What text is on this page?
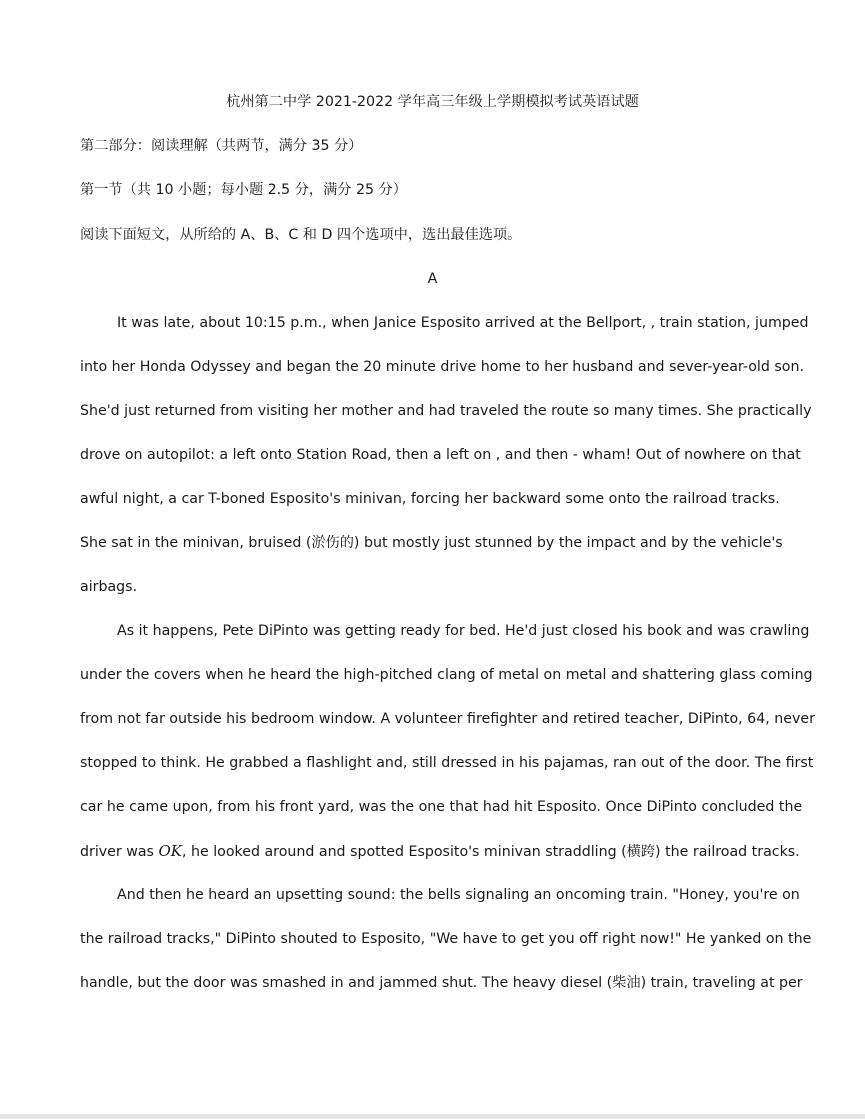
杭州第二中学 2021-2022 学年高三年级上学期模拟考试英语试题
第二部分：阅读理解（共两节，满分 35 分）
第一节（共 10 小题；每小题 2.5 分，满分 25 分）
阅读下面短文，从所给的 A、B、C 和 D 四个选项中，选出最佳选项。
A
It was late, about 10:15 p.m., when Janice Esposito arrived at the Bellport, , train station, jumped
into her Honda Odyssey and began the 20 minute drive home to her husband and sever-year-old son.
She'd just returned from visiting her mother and had traveled the route so many times. She practically
drove on autopilot: a left onto Station Road, then a left on , and then - wham! Out of nowhere on that
awful night, a car T-boned Esposito's minivan, forcing her backward some onto the railroad tracks.
She sat in the minivan, bruised (淤伤的) but mostly just stunned by the impact and by the vehicle's
airbags.
As it happens, Pete DiPinto was getting ready for bed. He'd just closed his book and was crawling
under the covers when he heard the high-pitched clang of metal on metal and shattering glass coming
from not far outside his bedroom window. A volunteer firefighter and retired teacher, DiPinto, 64, never
stopped to think. He grabbed a flashlight and, still dressed in his pajamas, ran out of the door. The first
car he came upon, from his front yard, was the one that had hit Esposito. Once DiPinto concluded the
driver was OK, he looked around and spotted Esposito's minivan straddling (横跨) the railroad tracks.
And then he heard an upsetting sound: the bells signaling an oncoming train. "Honey, you're on
the railroad tracks," DiPinto shouted to Esposito, "We have to get you off right now!" He yanked on the
handle, but the door was smashed in and jammed shut. The heavy diesel (柴油) train, traveling at per
